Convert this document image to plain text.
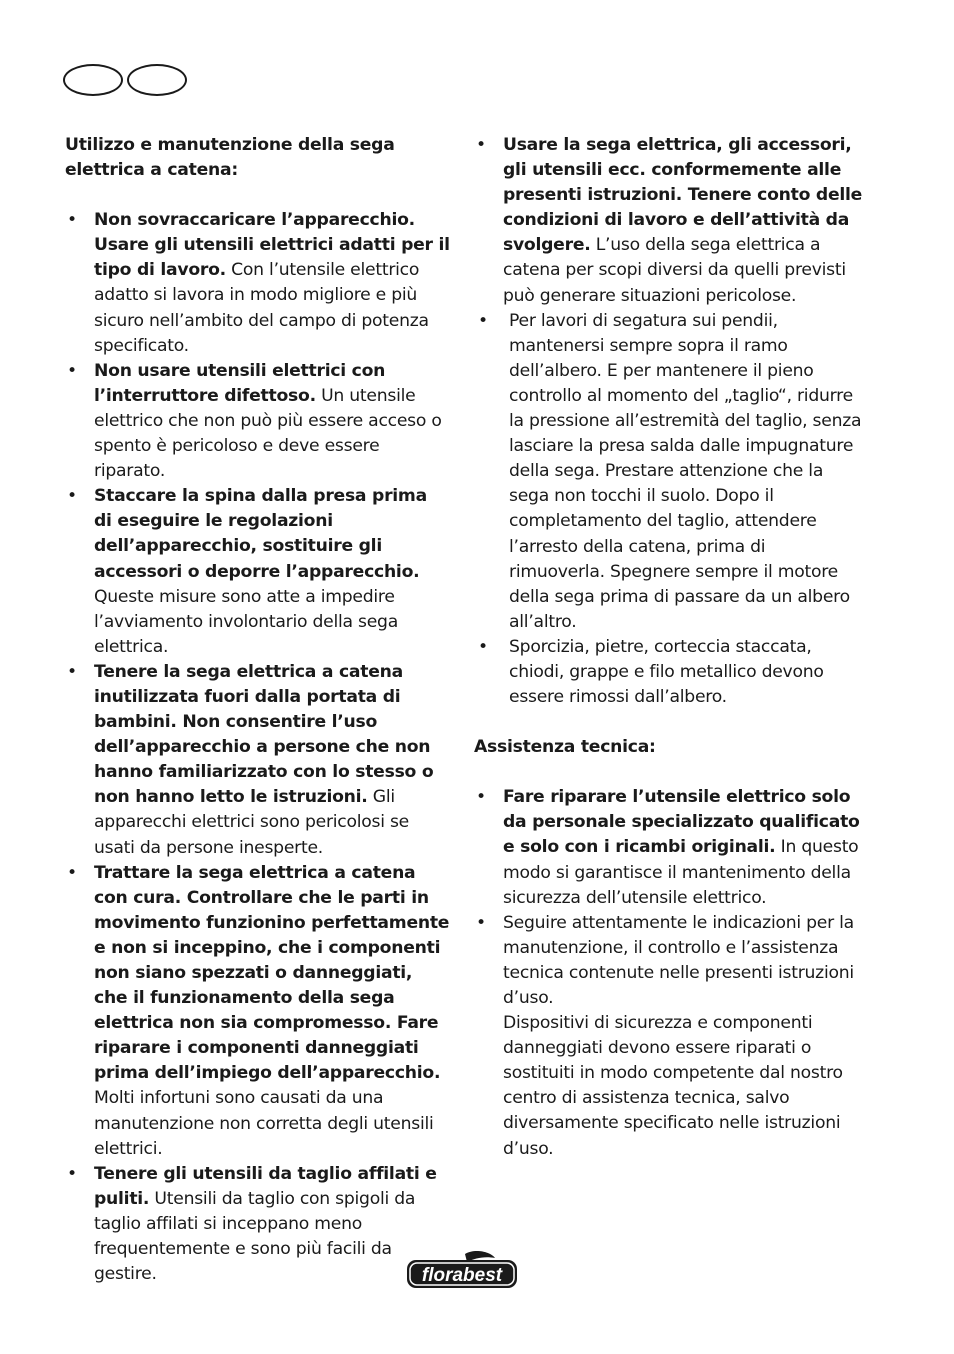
Utilizzo e manutenzione della sega elettrica a catena:

• Non sovraccaricare l’apparecchio. Usare gli utensili elettrici adatti per il tipo di lavoro. Con l’utensile elettrico adatto si lavora in modo migliore e più sicuro nell’ambito del campo di potenza specificato.
• Non usare utensili elettrici con l’interruttore difettoso. Un utensile elettrico che non può più essere acceso o spento è pericoloso e deve essere riparato.
• Staccare la spina dalla presa prima di eseguire le regolazioni dell’apparecchio, sostituire gli accessori o deporre l’apparecchio. Queste misure sono atte a impedire l’avviamento involontario della sega elettrica.
• Tenere la sega elettrica a catena inutilizzata fuori dalla portata di bambini. Non consentire l’uso dell’apparecchio a persone che non hanno familiarizzato con lo stesso o non hanno letto le istruzioni. Gli apparecchi elettrici sono pericolosi se usati da persone inesperte.
• Trattare la sega elettrica a catena con cura. Controllare che le parti in movimento funzionino perfettamente e non si inceppino, che i componenti non siano spezzati o danneggiati, che il funzionamento della sega elettrica non sia compromesso. Fare riparare i componenti danneggiati prima dell’impiego dell’apparecchio. Molti infortuni sono causati da una manutenzione non corretta degli utensili elettrici.
• Tenere gli utensili da taglio affilati e puliti. Utensili da taglio con spigoli da taglio affilati si inceppano meno frequentemente e sono più facili da gestire.
• Usare la sega elettrica, gli accessori, gli utensili ecc. conformemente alle presenti istruzioni. Tenere conto delle condizioni di lavoro e dell’attività da svolgere. L’uso della sega elettrica a catena per scopi diversi da quelli previsti può generare situazioni pericolose.
• Per lavori di segatura sui pendii, mantenersi sempre sopra il ramo dell’albero. E per mantenere il pieno controllo al momento del „taglio“, ridurre la pressione all’estremità del taglio, senza lasciare la presa salda dalle impugnature della sega. Prestare attenzione che la sega non tocchi il suolo. Dopo il completamento del taglio, attendere l’arresto della catena, prima di rimuoverla. Spegnere sempre il motore della sega prima di passare da un albero all’altro.
• Sporcizia, pietre, corteccia staccata, chiodi, grappe e filo metallico devono essere rimossi dall’albero.

Assistenza tecnica:

• Fare riparare l’utensile elettrico solo da personale specializzato qualificato e solo con i ricambi originali. In questo modo si garantisce il mantenimento della sicurezza dell’utensile elettrico.
• Seguire attentamente le indicazioni per la manutenzione, il controllo e l’assistenza tecnica contenute nelle presenti istruzioni d’uso.
Dispositivi di sicurezza e componenti danneggiati devono essere riparati o sostituiti in modo competente dal nostro centro di assistenza tecnica, salvo diversamente specificato nelle istruzioni d’uso.
florabest
